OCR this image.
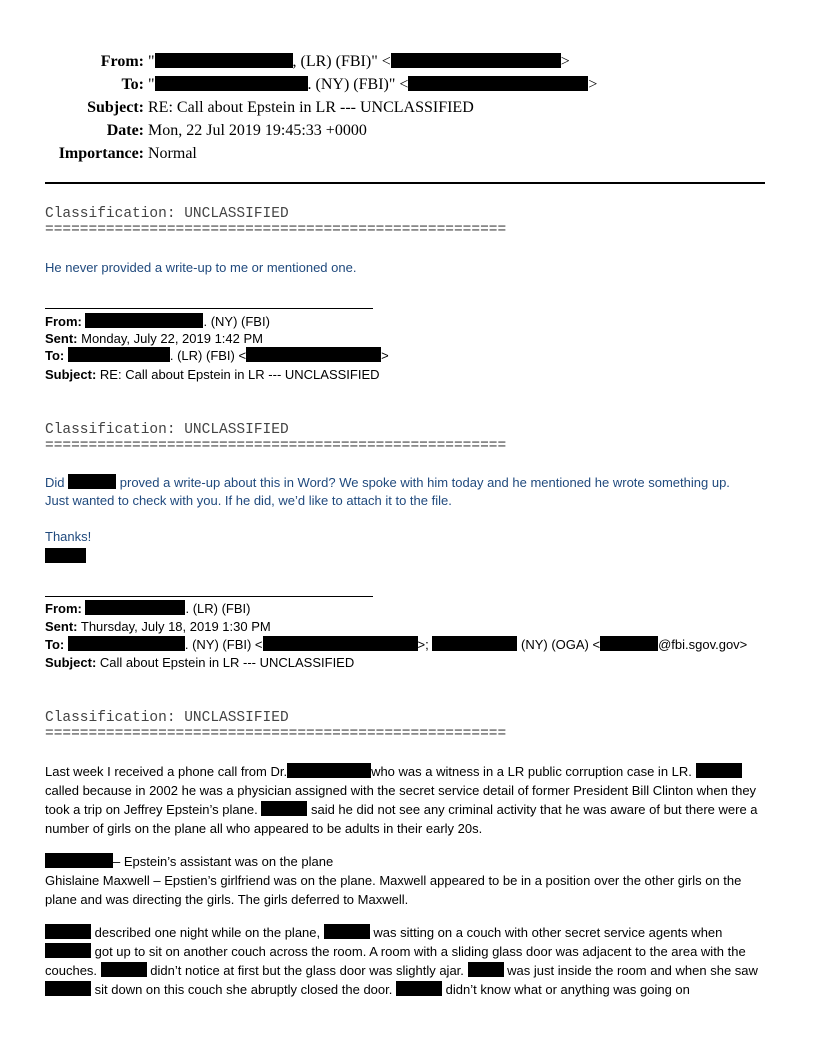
From: "	, (LR) (FBI)" <	>
To: "	. (NY) (FBI)" <	>
Subject: RE: Call about Epstein in LR --- UNCLASSIFIED
Date: Mon, 22 Jul 2019 19:45:33 +0000
Importance: Normal
Classification: UNCLASSIFIED
=====================================================
He never provided a write-up to me or mentioned one.
From:	. (NY) (FBI)
Sent: Monday, July 22, 2019 1:42 PM
To:	. (LR) (FBI) <	>
Subject: RE: Call about Epstein in LR --- UNCLASSIFIED
Classification: UNCLASSIFIED
=====================================================
Did	proved a write-up about this in Word? We spoke with him today and he mentioned he wrote something up.
Just wanted to check with you. If he did, we’d like to attach it to the file.
Thanks!
From:	. (LR) (FBI)
Sent: Thursday, July 18, 2019 1:30 PM
To:	. (NY) (FBI) <	>;	(NY) (OGA) <	@fbi.sgov.gov>
Subject: Call about Epstein in LR --- UNCLASSIFIED
Classification: UNCLASSIFIED
=====================================================
Last week I received a phone call from Dr.	who was a witness in a LR public corruption case in LR.  called because in 2002 he was a physician assigned with the secret service detail of former President Bill Clinton when they took a trip on Jeffrey Epstein’s plane.	said he did not see any criminal activity that he was aware of but there were a number of girls on the plane all who appeared to be adults in their early 20s.
– Epstein’s assistant was on the plane
Ghislaine Maxwell – Epstien’s girlfriend was on the plane. Maxwell appeared to be in a position over the other girls on the plane and was directing the girls. The girls deferred to Maxwell.
described one night while on the plane,	was sitting on a couch with other secret service agents when  got up to sit on another couch across the room. A room with a sliding glass door was adjacent to the area with the couches.	didn’t notice at first but the glass door was slightly ajar.	was just inside the room and when she saw  sit down on this couch she abruptly closed the door.	didn’t know what or anything was going on
